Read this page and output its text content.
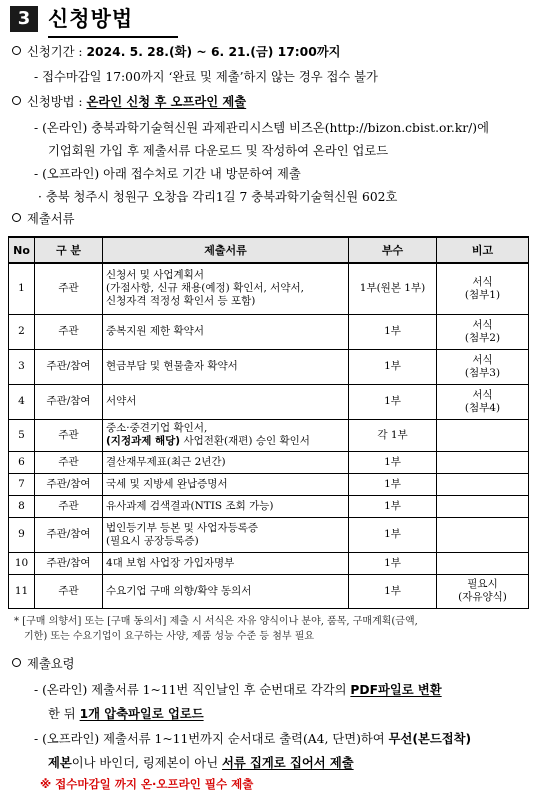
3 신청방법
신청기간 : 2024. 5. 28.(화) ~ 6. 21.(금) 17:00까지
- 접수마감일 17:00까지 ‘완료 및 제출’하지 않는 경우 접수 불가
신청방법 : 온라인 신청 후 오프라인 제출
- (온라인) 충북과학기술혁신원 과제관리시스템 비즈온(http://bizon.cbist.or.kr/)에
기업회원 가입 후 제출서류 다운로드 및 작성하여 온라인 업로드
- (오프라인) 아래 접수처로 기간 내 방문하여 제출
· 충북 청주시 청원구 오창읍 각리1길 7 충북과학기술혁신원 602호
제출서류
No	구 분	제출서류	부수	비고
1	주관	신청서 및 사업계획서
(가점사항, 신규 채용(예정) 확인서, 서약서,
신청자격 적정성 확인서 등 포함)	1부(원본 1부)	서식
(첨부1)
2	주관	중복지원 제한 확약서	1부	서식
(첨부2)
3	주관/참여	현금부담 및 현물출자 확약서	1부	서식
(첨부3)
4	주관/참여	서약서	1부	서식
(첨부4)
5	주관	중소·중견기업 확인서,
(지정과제 해당) 사업전환(재편) 승인 확인서	각 1부	
6	주관	결산재무제표(최근 2년간)	1부	
7	주관/참여	국세 및 지방세 완납증명서	1부	
8	주관	유사과제 검색결과(NTIS 조회 가능)	1부	
9	주관/참여	법인등기부 등본 및 사업자등록증
(필요시 공장등록증)	1부	
10	주관/참여	4대 보험 사업장 가입자명부	1부	
11	주관	수요기업 구매 의향/확약 동의서	1부	필요시
(자유양식)
* [구매 의향서] 또는 [구매 동의서] 제출 시 서식은 자유 양식이나 분야, 품목, 구매계획(금액,
기한) 또는 수요기업이 요구하는 사양, 제품 성능 수준 등 첨부 필요
제출요령
- (온라인) 제출서류 1~11번 직인날인 후 순번대로 각각의 PDF파일로 변환
한 뒤 1개 압축파일로 업로드
- (오프라인) 제출서류 1~11번까지 순서대로 출력(A4, 단면)하여 무선(본드접착)
제본이나 바인더, 링제본이 아닌 서류 집게로 집어서 제출
※ 접수마감일 까지 온·오프라인 필수 제출
